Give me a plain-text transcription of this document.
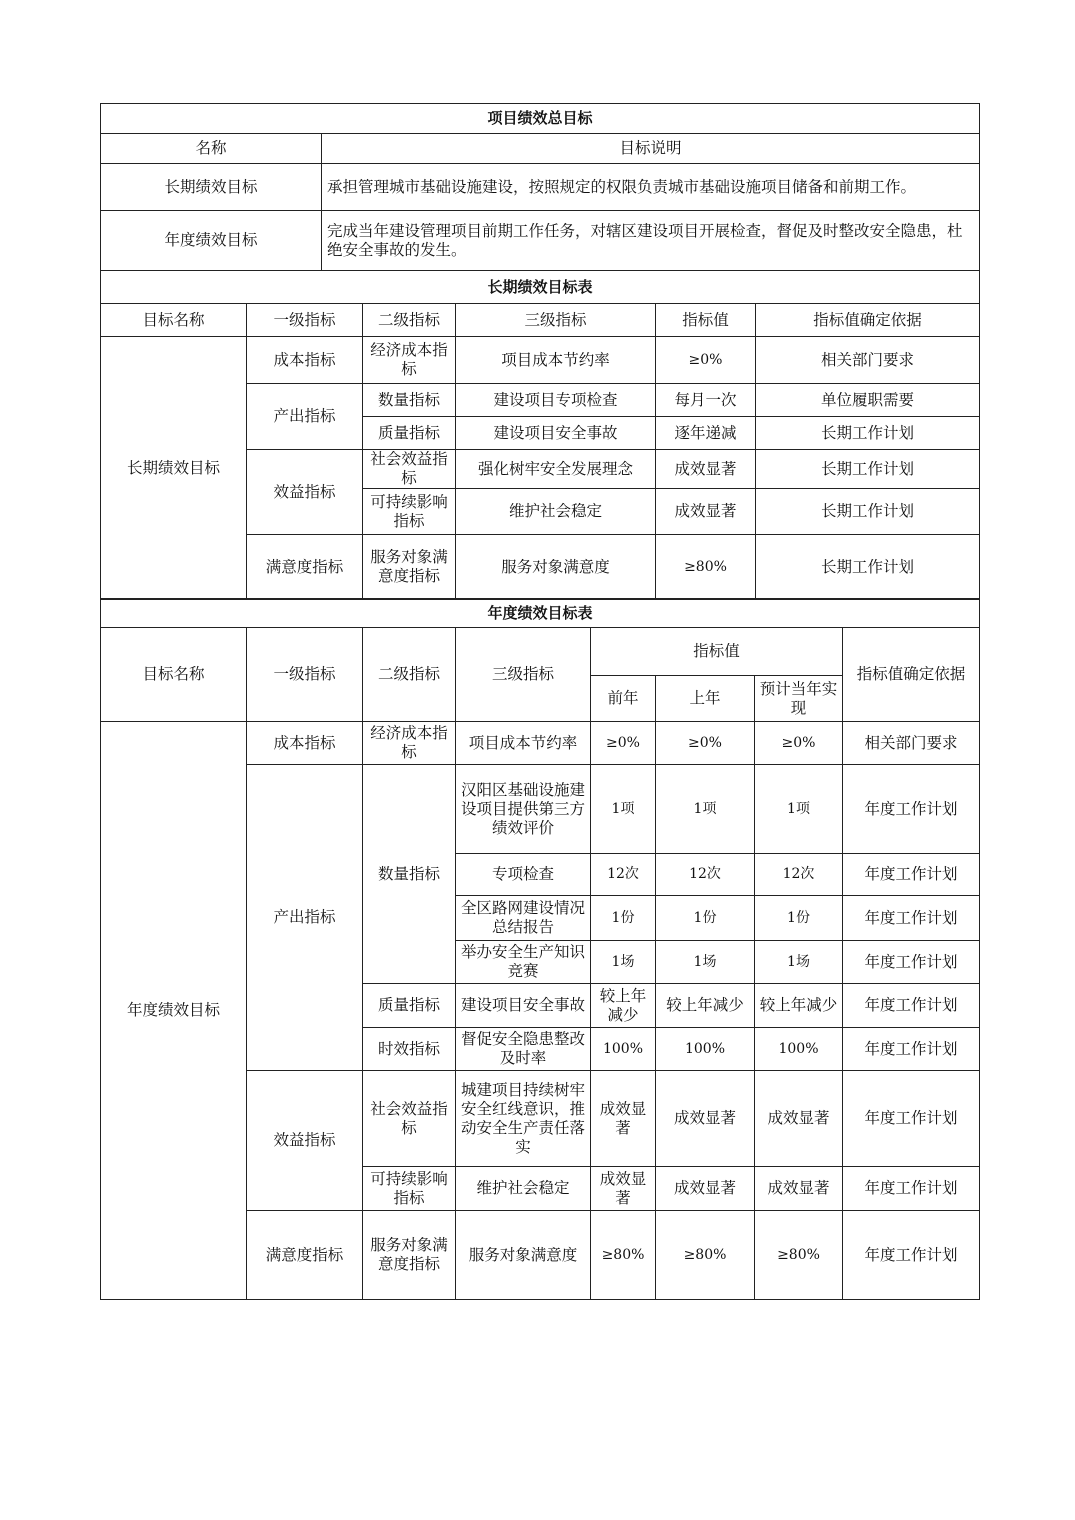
项目绩效总目标	
名称	目标说明
长期绩效目标	承担管理城市基础设施建设，按照规定的权限负责城市基础设施项目储备和前期工作。
年度绩效目标	完成当年建设管理项目前期工作任务，对辖区建设项目开展检查，督促及时整改安全隐患，杜绝安全事故的发生。
长期绩效目标表					
目标名称	一级指标	二级指标	三级指标	指标值	指标值确定依据
长期绩效目标	成本指标	经济成本指标	项目成本节约率	≥0%	相关部门要求
	产出指标	数量指标	建设项目专项检查	每月一次	单位履职需要
		质量指标	建设项目安全事故	逐年递减	长期工作计划
	效益指标	社会效益指标	强化树牢安全发展理念	成效显著	长期工作计划
		可持续影响指标	维护社会稳定	成效显著	长期工作计划
	满意度指标	服务对象满意度指标	服务对象满意度	≥80%	长期工作计划
年度绩效目标表							
目标名称	一级指标	二级指标	三级指标	指标值			指标值确定依据
				前年	上年	预计当年实现	
年度绩效目标	成本指标	经济成本指标	项目成本节约率	≥0%	≥0%	≥0%	相关部门要求
	产出指标	数量指标	汉阳区基础设施建设项目提供第三方绩效评价	1项	1项	1项	年度工作计划
			专项检查	12次	12次	12次	年度工作计划
			全区路网建设情况总结报告	1份	1份	1份	年度工作计划
			举办安全生产知识竞赛	1场	1场	1场	年度工作计划
		质量指标	建设项目安全事故	较上年减少	较上年减少	较上年减少	年度工作计划
		时效指标	督促安全隐患整改及时率	100%	100%	100%	年度工作计划
	效益指标	社会效益指标	城建项目持续树牢安全红线意识，推动安全生产责任落实	成效显著	成效显著	成效显著	年度工作计划
		可持续影响指标	维护社会稳定	成效显著	成效显著	成效显著	年度工作计划
	满意度指标	服务对象满意度指标	服务对象满意度	≥80%	≥80%	≥80%	年度工作计划
